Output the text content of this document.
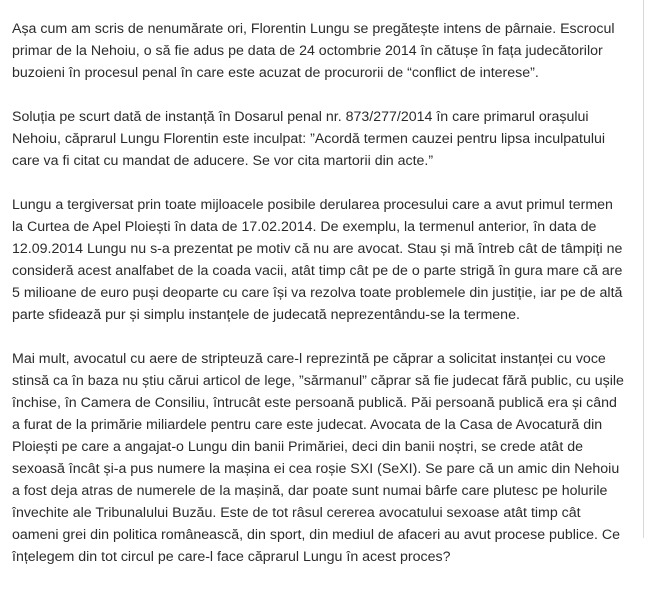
Așa cum am scris de nenumărate ori, Florentin Lungu se pregătește intens de pârnaie. Escrocul primar de la Nehoiu, o să fie adus pe data de 24 octombrie 2014 în cătușe în fața judecătorilor buzoieni în procesul penal în care este acuzat de procurorii de “conflict de interese”.

Soluția pe scurt dată de instanță în Dosarul penal nr. 873/277/2014 în care primarul orașului Nehoiu, căprarul Lungu Florentin este inculpat: ”Acordă termen cauzei pentru lipsa inculpatului care va fi citat cu mandat de aducere. Se vor cita martorii din acte.”

Lungu a tergiversat prin toate mijloacele posibile derularea procesului care a avut primul termen la Curtea de Apel Ploiești în data de 17.02.2014. De exemplu, la termenul anterior, în data de 12.09.2014 Lungu nu s-a prezentat pe motiv că nu are avocat. Stau și mă întreb cât de tâmpiți ne consideră acest analfabet de la coada vacii, atât timp cât pe de o parte strigă în gura mare că are 5 milioane de euro puși deoparte cu care își va rezolva toate problemele din justiție, iar pe de altă parte sfidează pur și simplu instanțele de judecată neprezentându-se la termene.

Mai mult, avocatul cu aere de stripteuză care-l reprezintă pe căprar a solicitat instanței cu voce stinsă ca în baza nu știu cărui articol de lege, ”sărmanul” căprar să fie judecat fără public, cu ușile închise, în Camera de Consiliu, întrucât este persoană publică. Păi persoană publică era și când a furat de la primărie miliardele pentru care este judecat. Avocata de la Casa de Avocatură din Ploiești pe care a angajat-o Lungu din banii Primăriei, deci din banii noștri, se crede atât de sexoasă încât și-a pus numere la mașina ei cea roșie SXI (SeXI). Se pare că un amic din Nehoiu a fost deja atras de numerele de la mașină, dar poate sunt numai bârfe care plutesc pe holurile învechite ale Tribunalului Buzău. Este de tot râsul cererea avocatului sexoase atât timp cât oameni grei din politica românească, din sport, din mediul de afaceri au avut procese publice. Ce înțelegem din tot circul pe care-l face căprarul Lungu în acest proces?
